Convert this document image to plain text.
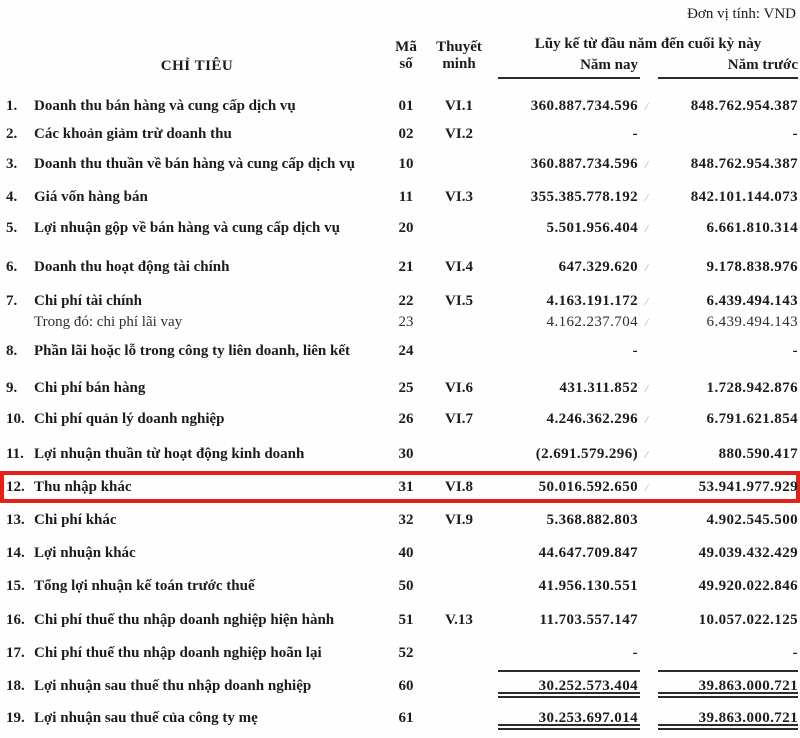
Đơn vị tính: VND
CHỈ TIÊU
Mã
số
Thuyết
minh
Lũy kế từ đầu năm đến cuối kỳ này
Năm nay	Năm trước
1.	Doanh thu bán hàng và cung cấp dịch vụ	01	VI.1	360.887.734.596	848.762.954.387
/
2.	Các khoản giảm trừ doanh thu	02	VI.2	-	-
3.	Doanh thu thuần về bán hàng và cung cấp dịch vụ	10	360.887.734.596	848.762.954.387
/
4.	Giá vốn hàng bán	11	VI.3	355.385.778.192	842.101.144.073
/
5.	Lợi nhuận gộp về bán hàng và cung cấp dịch vụ	20	5.501.956.404	6.661.810.314
/
6.	Doanh thu hoạt động tài chính	21	VI.4	647.329.620	9.178.838.976
/
7.	Chi phí tài chính	22	VI.5	4.163.191.172	6.439.494.143
/
Trong đó: chi phí lãi vay	23	4.162.237.704	6.439.494.143
/
8.	Phần lãi hoặc lỗ trong công ty liên doanh, liên kết	24	-	-
9.	Chi phí bán hàng	25	VI.6	431.311.852	1.728.942.876
/
10. Chi phí quản lý doanh nghiệp	26	VI.7	4.246.362.296	6.791.621.854
/
11. Lợi nhuận thuần từ hoạt động kinh doanh	30	(2.691.579.296)	880.590.417
/
12. Thu nhập khác	31	VI.8	50.016.592.650	53.941.977.929
/
13. Chi phí khác	32	VI.9	5.368.882.803	4.902.545.500
14. Lợi nhuận khác	40	44.647.709.847	49.039.432.429
15. Tổng lợi nhuận kế toán trước thuế	50	41.956.130.551	49.920.022.846
16. Chi phí thuế thu nhập doanh nghiệp hiện hành	51	V.13	11.703.557.147	10.057.022.125
17. Chi phí thuế thu nhập doanh nghiệp hoãn lại	52	-	-
18. Lợi nhuận sau thuế thu nhập doanh nghiệp	60	30.252.573.404	39.863.000.721
19. Lợi nhuận sau thuế của công ty mẹ	61	30.253.697.014	39.863.000.721
